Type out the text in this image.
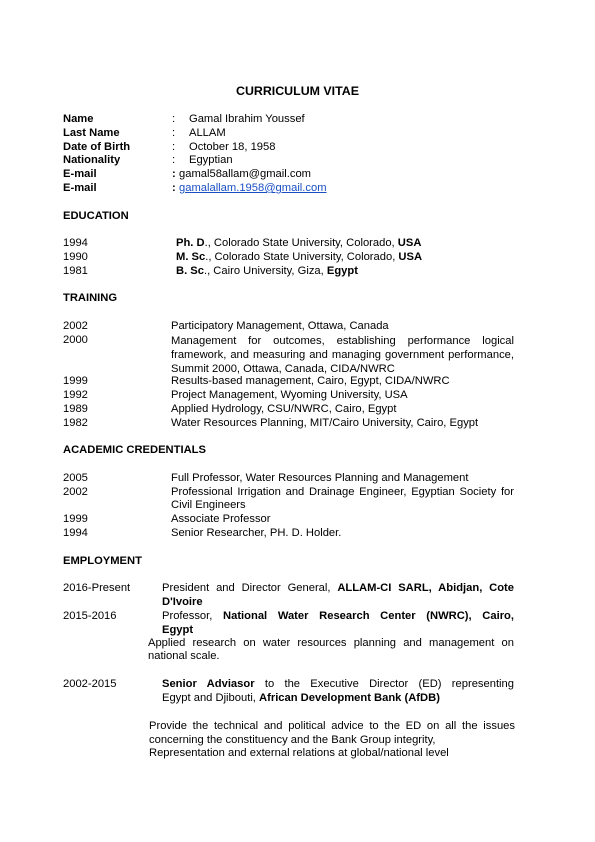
CURRICULUM VITAE
Name	: Gamal Ibrahim Youssef
Last Name	: ALLAM
Date of Birth	: October 18, 1958
Nationality	: Egyptian
E-mail	: gamal58allam@gmail.com
E-mail	: gamalallam.1958@gmail.com
EDUCATION
1994	Ph. D., Colorado State University, Colorado, USA
1990	M. Sc., Colorado State University, Colorado, USA
1981	B. Sc., Cairo University, Giza, Egypt
TRAINING
2002	Participatory Management, Ottawa, Canada
2000	Management for outcomes, establishing performance logical framework, and measuring and managing government performance, Summit 2000, Ottawa, Canada, CIDA/NWRC
1999	Results-based management, Cairo, Egypt, CIDA/NWRC
1992	Project Management, Wyoming University, USA
1989	Applied Hydrology, CSU/NWRC, Cairo, Egypt
1982	Water Resources Planning, MIT/Cairo University, Cairo, Egypt
ACADEMIC CREDENTIALS
2005	Full Professor, Water Resources Planning and Management
2002	Professional Irrigation and Drainage Engineer, Egyptian Society for Civil Engineers
1999	Associate Professor
1994	Senior Researcher, PH. D. Holder.
EMPLOYMENT
2016-Present	President and Director General, ALLAM-CI SARL, Abidjan, Cote
D'Ivoire
2015-2016	Professor, National Water Research Center (NWRC), Cairo,
Egypt
Applied research on water resources planning and management on national scale.
2002-2015	Senior Adviasor to the Executive Director (ED) representing
Egypt and Djibouti, African Development Bank (AfDB)
Provide the technical and political advice to the ED on all the issues concerning the constituency and the Bank Group integrity,
Representation and external relations at global/national level
